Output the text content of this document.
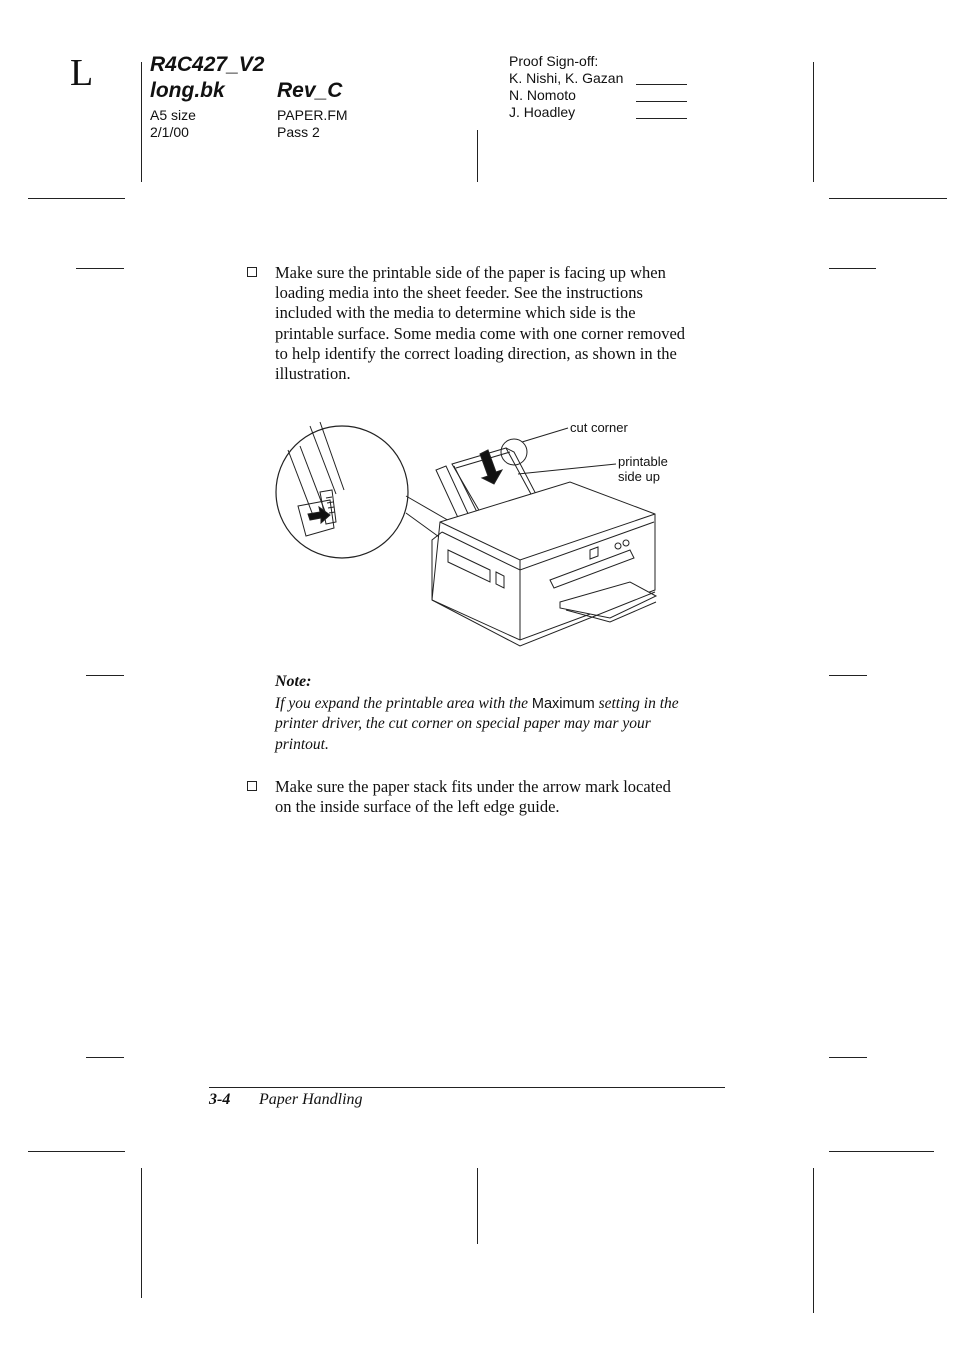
L	R4C427_V2
long.bk Rev_C
A5 size
2/1/00
PAPER.FM
Pass 2
Proof Sign-off:
K. Nishi, K. Gazan
N. Nomoto
J. Hoadley
Make sure the printable side of the paper is facing up when
loading media into the sheet feeder. See the instructions
included with the media to determine which side is the
printable surface. Some media come with one corner removed
to help identify the correct loading direction, as shown in the
illustration.
cut corner
printable
side up
Note:
If you expand the printable area with the Maximum setting in the
printer driver, the cut corner on special paper may mar your
printout.
Make sure the paper stack fits under the arrow mark located
on the inside surface of the left edge guide.
3-4 Paper Handling
